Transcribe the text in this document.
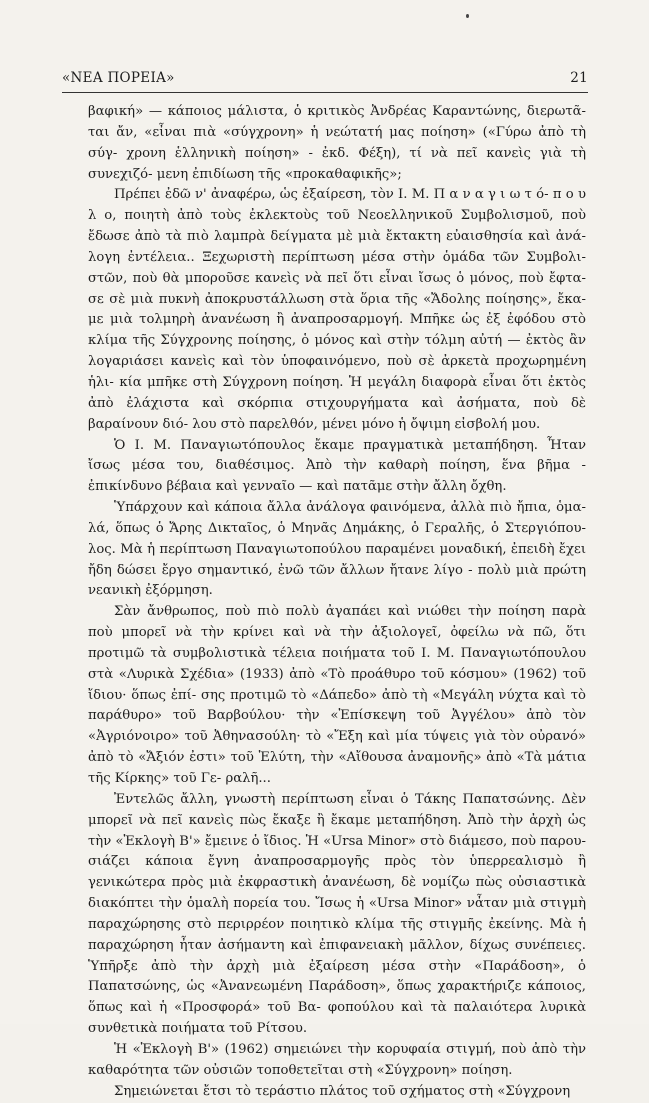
«ΝΕΑ ΠΟΡΕΙΑ»	21

βαφική» — κάποιος μάλιστα, ὁ κριτικὸς Ἀνδρέας Καραντώνης, διερωτᾶ- ται ἄν, «εἶναι πιὰ «σύγχρονη» ἡ νεώτατή μας ποίηση» («Γύρω ἀπὸ τὴ σύγ- χρονη ἑλληνικὴ ποίηση» - ἐκδ. Φέξη), τί νὰ πεῖ κανεὶς γιὰ τὴ συνεχιζό- μενη ἐπιδίωση τῆς «προκαθαφικῆς»;

Πρέπει ἐδῶ ν' ἀναφέρω, ὡς ἐξαίρεση, τὸν Ι. Μ. Π α ν α γ ι ω τ ό- π ο υ λ ο, ποιητὴ ἀπὸ τοὺς ἐκλεκτοὺς τοῦ Νεοελληνικοῦ Συμβολισμοῦ, ποὺ ἔδωσε ἀπὸ τὰ πιὸ λαμπρὰ δείγματα μὲ μιὰ ἔκτακτη εὐαισθησία καὶ ἀνά- λογη ἐντέλεια.. Ξεχωριστὴ περίπτωση μέσα στὴν ὁμάδα τῶν Συμβολι- στῶν, ποὺ θὰ μποροῦσε κανεὶς νὰ πεῖ ὅτι εἶναι ἴσως ὁ μόνος, ποὺ ἔφτα- σε σὲ μιὰ πυκνὴ ἀποκρυστάλλωση στὰ ὅρια τῆς «Ἄδολης ποίησης», ἔκα- με μιὰ τολμηρὴ ἀνανέωση ἢ ἀναπροσαρμογή. Μπῆκε ὡς ἐξ ἐφόδου στὸ κλίμα τῆς Σύγχρονης ποίησης, ὁ μόνος καὶ στὴν τόλμη αὐτή — ἐκτὸς ἂν λογαριάσει κανεὶς καὶ τὸν ὑποφαινόμενο, ποὺ σὲ ἀρκετὰ προχωρημένη ἡλι- κία μπῆκε στὴ Σύγχρονη ποίηση. Ἡ μεγάλη διαφορὰ εἶναι ὅτι ἐκτὸς ἀπὸ ἐλάχιστα καὶ σκόρπια στιχουργήματα καὶ ἀσήματα, ποὺ δὲ βαραίνουν διό- λου στὸ παρελθόν, μένει μόνο ἡ ὄψιμη εἰσβολή μου.

Ὁ Ι. Μ. Παναγιωτόπουλος ἔκαμε πραγματικὰ μεταπήδηση. Ἦταν ἴσως μέσα του, διαθέσιμος. Ἀπὸ τὴν καθαρὴ ποίηση, ἕνα βῆμα - ἐπικίνδυνο βέβαια καὶ γενναῖο — καὶ πατᾶμε στὴν ἄλλη ὄχθη.

Ὑπάρχουν καὶ κάποια ἄλλα ἀνάλογα φαινόμενα, ἀλλὰ πιὸ ἤπια, ὁμα- λά, ὅπως ὁ Ἄρης Δικταῖος, ὁ Μηνᾶς Δημάκης, ὁ Γεραλῆς, ὁ Στεργιόπου- λος. Μὰ ἡ περίπτωση Παναγιωτοπούλου παραμένει μοναδική, ἐπειδὴ ἔχει ἤδη δώσει ἔργο σημαντικό, ἐνῶ τῶν ἄλλων ἤτανε λίγο - πολὺ μιὰ πρώτη νεανικὴ ἐξόρμηση.

Σὰν ἄνθρωπος, ποὺ πιὸ πολὺ ἀγαπάει καὶ νιώθει τὴν ποίηση παρὰ ποὺ μπορεῖ νὰ τὴν κρίνει καὶ νὰ τὴν ἀξιολογεῖ, ὀφείλω νὰ πῶ, ὅτι προτιμῶ τὰ συμβολιστικὰ τέλεια ποιήματα τοῦ Ι. Μ. Παναγιωτόπουλου στὰ «Λυρικὰ Σχέδια» (1933) ἀπὸ «Τὸ προάθυρο τοῦ κόσμου» (1962) τοῦ ἴδιου· ὅπως ἐπί- σης προτιμῶ τὸ «Δάπεδο» ἀπὸ τὴ «Μεγάλη νύχτα καὶ τὸ παράθυρο» τοῦ Βαρβούλου· τὴν «Ἐπίσκεψη τοῦ Ἀγγέλου» ἀπὸ τὸν «Ἀγριόνοιρο» τοῦ Ἀθηνασούλη· τὸ «Ἔξη καὶ μία τύψεις γιὰ τὸν οὐρανό» ἀπὸ τὸ «Ἄξιόν ἐστι» τοῦ Ἐλύτη, τὴν «Αἴθουσα ἀναμονῆς» ἀπὸ «Τὰ μάτια τῆς Κίρκης» τοῦ Γε- ραλῆ...

Ἐντελῶς ἄλλη, γνωστὴ περίπτωση εἶναι ὁ Τάκης Παπατσώνης. Δὲν μπορεῖ νὰ πεῖ κανεὶς πὼς ἔκαξε ἢ ἔκαμε μεταπήδηση. Ἀπὸ τὴν ἀρχὴ ὡς τὴν «Ἐκλογὴ Β'» ἔμεινε ὁ ἴδιος. Ἡ «Ursa Minor» στὸ διάμεσο, ποὺ παρου- σιάζει κάποια ἔγνη ἀναπροσαρμογῆς πρὸς τὸν ὑπερρεαλισμὸ ἢ γενικώτερα πρὸς μιὰ ἐκφραστικὴ ἀνανέωση, δὲ νομίζω πὼς οὐσιαστικὰ διακόπτει τὴν ὁμαλὴ πορεία του. Ἴσως ἡ «Ursa Minor» νἆταν μιὰ στιγμὴ παραχώρησης στὸ περιρρέον ποιητικὸ κλίμα τῆς στιγμῆς ἐκείνης. Μὰ ἡ παραχώρηση ἦταν ἀσήμαντη καὶ ἐπιφανειακὴ μᾶλλον, δίχως συνέπειες. Ὑπῆρξε ἀπὸ τὴν ἀρχὴ μιὰ ἐξαίρεση μέσα στὴν «Παράδοση», ὁ Παπατσώνης, ὡς «Ἀνανεωμένη Παράδοση», ὅπως χαρακτήριζε κάποιος, ὅπως καὶ ἡ «Προσφορά» τοῦ Βα- φοπούλου καὶ τὰ παλαιότερα λυρικὰ συνθετικὰ ποιήματα τοῦ Ρίτσου.

Ἡ «Ἐκλογὴ Β'» (1962) σημειώνει τὴν κορυφαία στιγμή, ποὺ ἀπὸ τὴν καθαρότητα τῶν οὐσιῶν τοποθετεῖται στὴ «Σύγχρονη» ποίηση.

Σημειώνεται ἔτσι τὸ τεράστιο πλάτος τοῦ σχήματος στὴ «Σύγχρονη
